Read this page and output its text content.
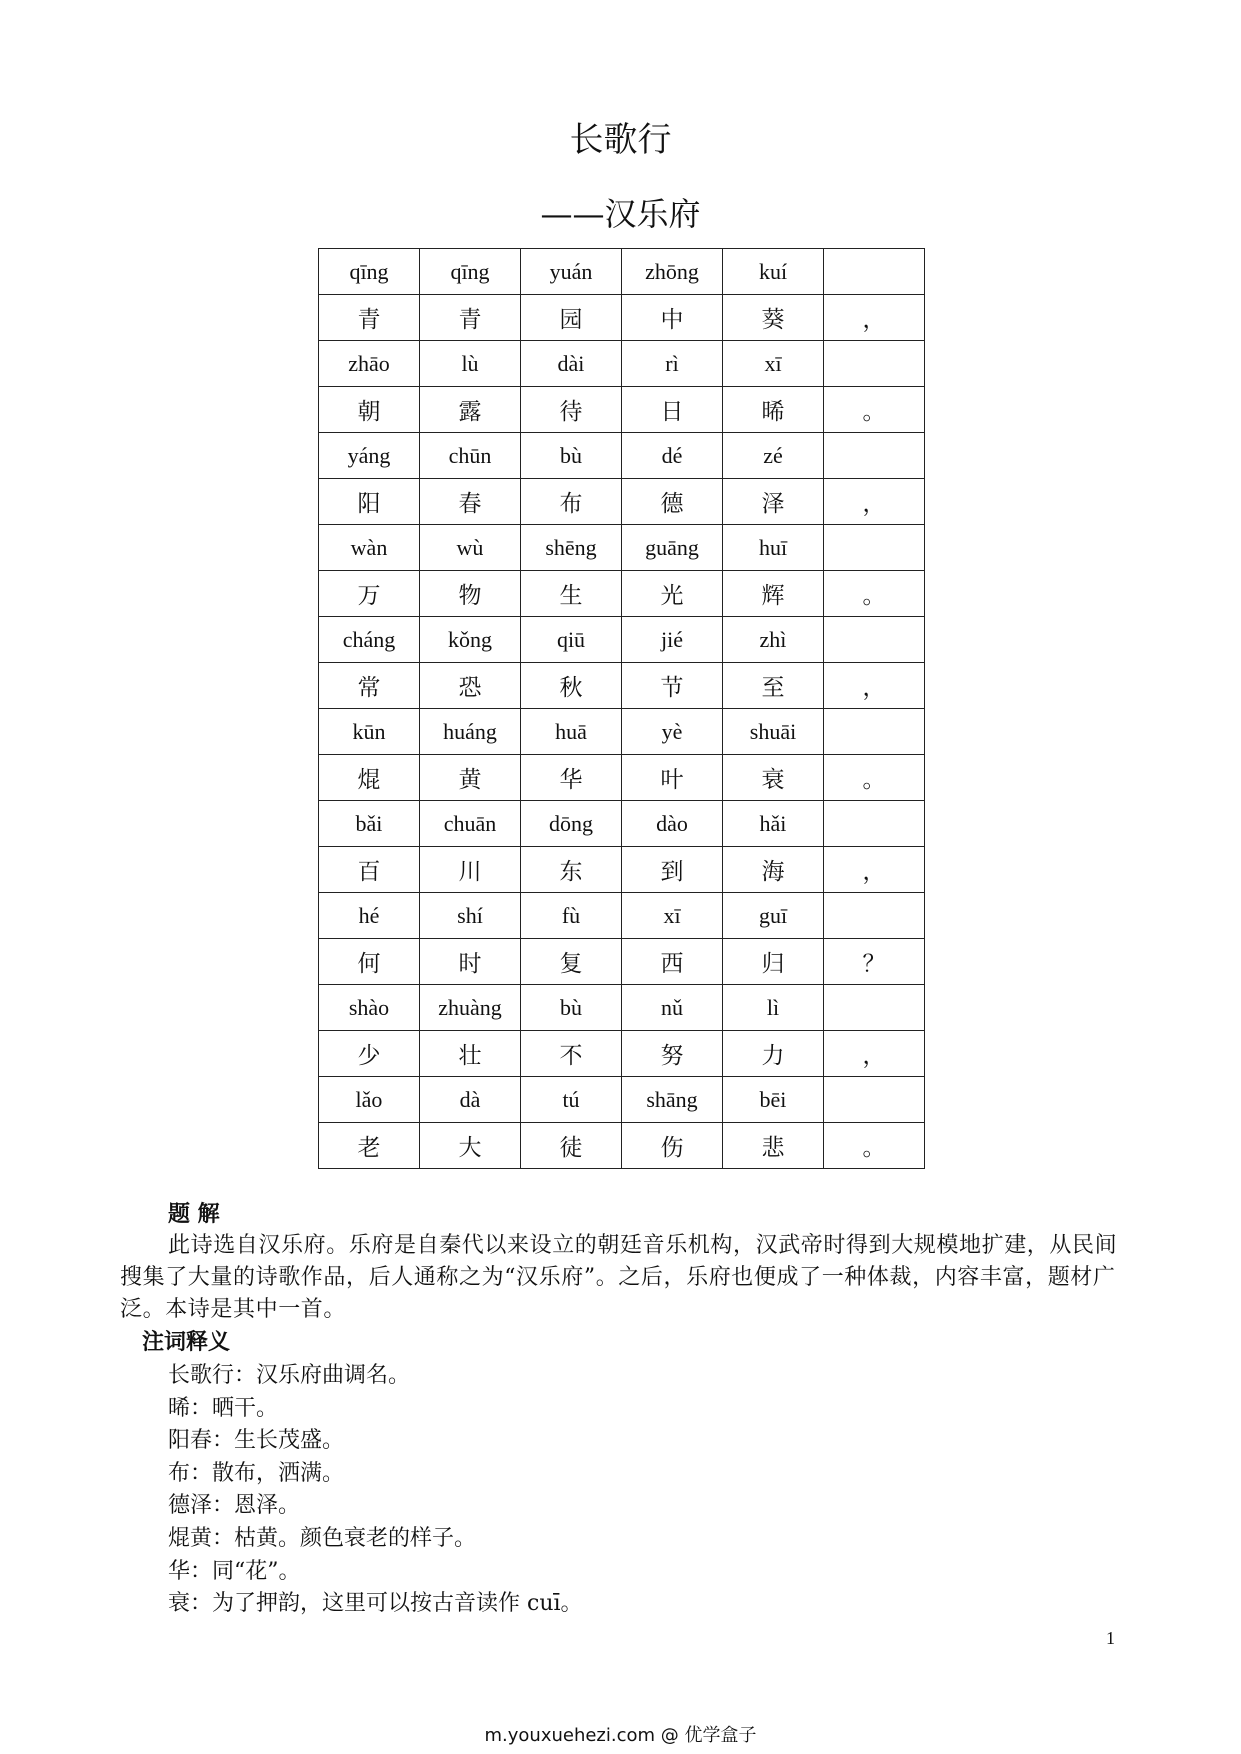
长歌行
——汉乐府
qīng	qīng	yuán	zhōng	kuí	
青	青	园	中	葵	，
zhāo	lù	dài	rì	xī	
朝	露	待	日	晞	。
yáng	chūn	bù	dé	zé	
阳	春	布	德	泽	，
wàn	wù	shēng	guāng	huī	
万	物	生	光	辉	。
cháng	kǒng	qiū	jié	zhì	
常	恐	秋	节	至	，
kūn	huáng	huā	yè	shuāi	
焜	黄	华	叶	衰	。
bǎi	chuān	dōng	dào	hǎi	
百	川	东	到	海	，
hé	shí	fù	xī	guī	
何	时	复	西	归	？
shào	zhuàng	bù	nǔ	lì	
少	壮	不	努	力	，
lǎo	dà	tú	shāng	bēi	
老	大	徒	伤	悲	。
题 解
此诗选自汉乐府。乐府是自秦代以来设立的朝廷音乐机构，汉武帝时得到大规模地扩建，从民间搜集了大量的诗歌作品，后人通称之为“汉乐府”。之后，乐府也便成了一种体裁，内容丰富，题材广泛。本诗是其中一首。
注词释义
长歌行：汉乐府曲调名。
晞：晒干。
阳春：生长茂盛。
布：散布，洒满。
德泽：恩泽。
焜黄：枯黄。颜色衰老的样子。
华：同“花”。
衰：为了押韵，这里可以按古音读作 cuī。
1
m.youxuehezi.com @ 优学盒子
